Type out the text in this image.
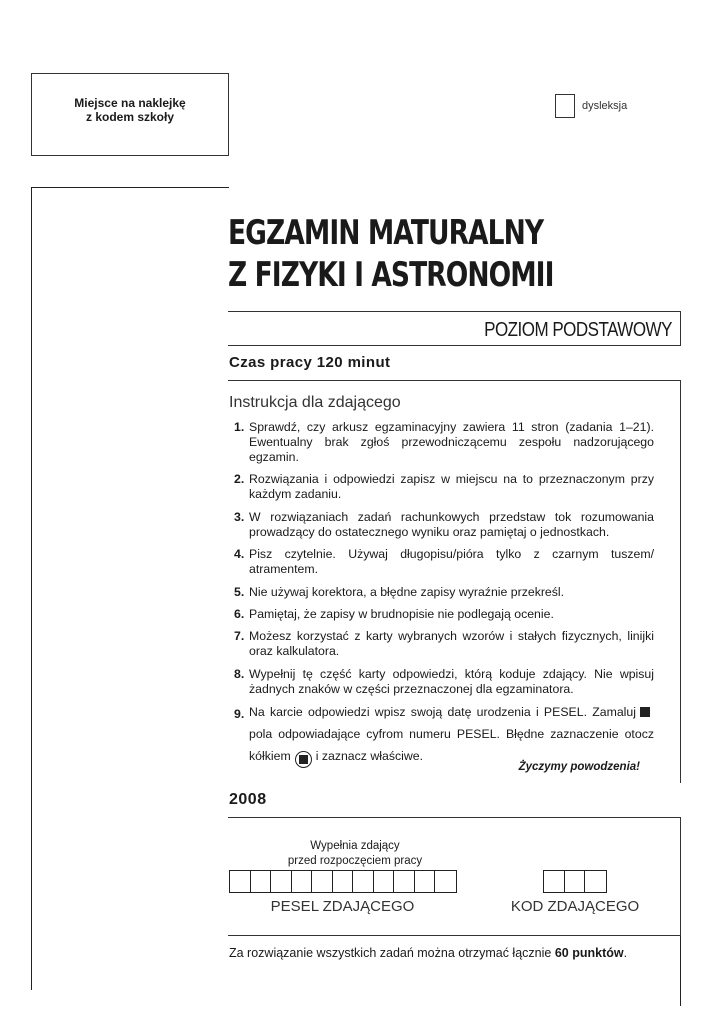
Miejsce na naklejkę
z kodem szkoły
dysleksja
EGZAMIN MATURALNY
Z FIZYKI I ASTRONOMII
POZIOM PODSTAWOWY
Czas pracy 120 minut
Instrukcja dla zdającego
1. Sprawdź, czy arkusz egzaminacyjny zawiera 11 stron (zadania 1–21). Ewentualny brak zgłoś przewodniczącemu zespołu nadzorującego egzamin.
2. Rozwiązania i odpowiedzi zapisz w miejscu na to przeznaczonym przy każdym zadaniu.
3. W rozwiązaniach zadań rachunkowych przedstaw tok rozumowania prowadzący do ostatecznego wyniku oraz pamiętaj o jednostkach.
4. Pisz czytelnie. Używaj długopisu/pióra tylko z czarnym tuszem/ atramentem.
5. Nie używaj korektora, a błędne zapisy wyraźnie przekreśl.
6. Pamiętaj, że zapisy w brudnopisie nie podlegają ocenie.
7. Możesz korzystać z karty wybranych wzorów i stałych fizycznych, linijki oraz kalkulatora.
8. Wypełnij tę część karty odpowiedzi, którą koduje zdający. Nie wpisuj żadnych znaków w części przeznaczonej dla egzaminatora.
9. Na karcie odpowiedzi wpisz swoją datę urodzenia i PESEL. Zamalujpola odpowiadające cyfrom numeru PESEL. Błędne zaznaczenie otocz kółkiem i zaznacz właściwe.
Życzymy powodzenia!
2008
Wypełnia zdający
przed rozpoczęciem pracy
PESEL ZDAJĄCEGO	KOD ZDAJĄCEGO
Za rozwiązanie wszystkich zadań można otrzymać łącznie 60 punktów.
